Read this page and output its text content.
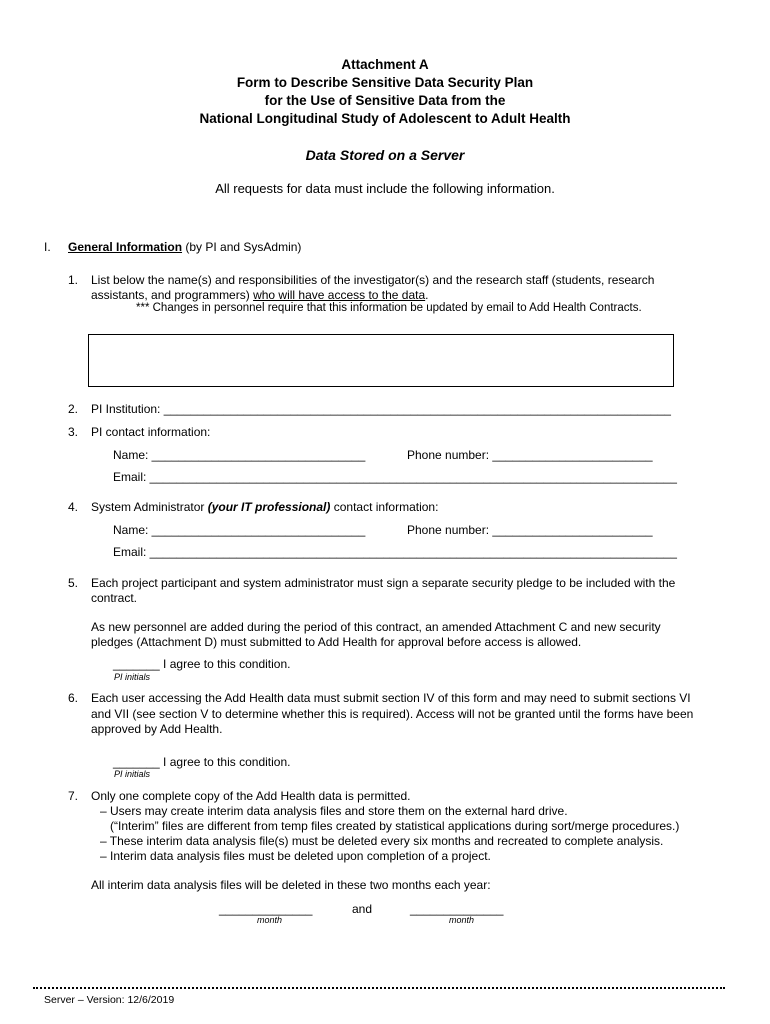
Attachment A
Form to Describe Sensitive Data Security Plan
for the Use of Sensitive Data from the
National Longitudinal Study of Adolescent to Adult Health
Data Stored on a Server
All requests for data must include the following information.
I. General Information (by PI and SysAdmin)
1. List below the name(s) and responsibilities of the investigator(s) and the research staff (students, research
assistants, and programmers) who will have access to the data.
*** Changes in personnel require that this information be updated by email to Add Health Contracts.
2. PI Institution: ____________________________________________________________________________
3. PI contact information:
Name: ________________________________	Phone number: ________________________
Email: _______________________________________________________________________________
4. System Administrator (your IT professional) contact information:
Name: ________________________________	Phone number: ________________________
Email: _______________________________________________________________________________
5. Each project participant and system administrator must sign a separate security pledge to be included with the
contract.
As new personnel are added during the period of this contract, an amended Attachment C and new security
pledges (Attachment D) must submitted to Add Health for approval before access is allowed.
_______ I agree to this condition.
PI initials
6. Each user accessing the Add Health data must submit section IV of this form and may need to submit sections VI
and VII (see section V to determine whether this is required). Access will not be granted until the forms have been
approved by Add Health.
_______ I agree to this condition.
PI initials
7. Only one complete copy of the Add Health data is permitted.
– Users may create interim data analysis files and store them on the external hard drive.
(“Interim” files are different from temp files created by statistical applications during sort/merge procedures.)
– These interim data analysis file(s) must be deleted every six months and recreated to complete analysis.
– Interim data analysis files must be deleted upon completion of a project.
All interim data analysis files will be deleted in these two months each year:
______________	and	______________
month	month
Server – Version: 12/6/2019
